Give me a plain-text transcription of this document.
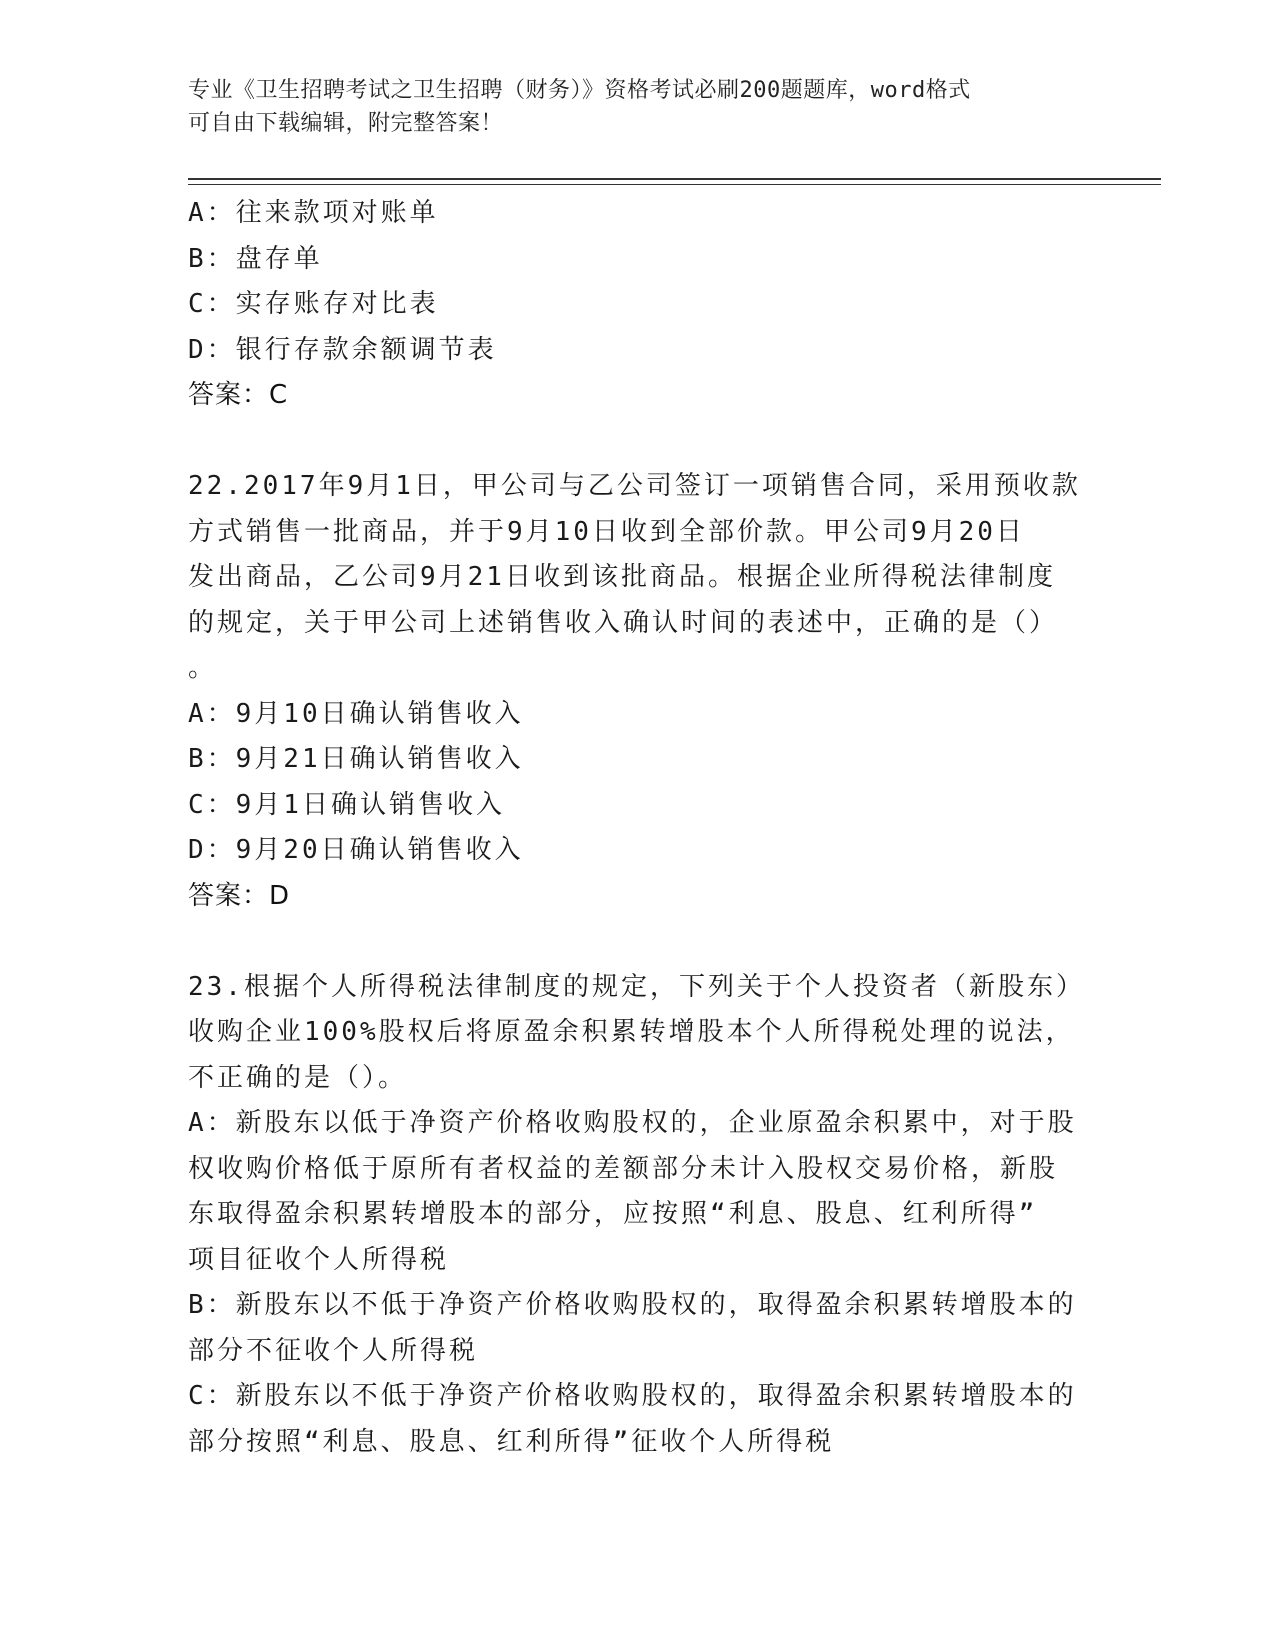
专业《卫生招聘考试之卫生招聘（财务）》资格考试必刷200题题库，word格式
可自由下载编辑，附完整答案！
A：往来款项对账单
B：盘存单
C：实存账存对比表
D：银行存款余额调节表
答案：C
22.2017年9月1日，甲公司与乙公司签订一项销售合同，采用预收款
方式销售一批商品，并于9月10日收到全部价款。甲公司9月20日
发出商品，乙公司9月21日收到该批商品。根据企业所得税法律制度
的规定，关于甲公司上述销售收入确认时间的表述中，正确的是（）
。
A：9月10日确认销售收入
B：9月21日确认销售收入
C：9月1日确认销售收入
D：9月20日确认销售收入
答案：D
23.根据个人所得税法律制度的规定，下列关于个人投资者（新股东）
收购企业100%股权后将原盈余积累转增股本个人所得税处理的说法，
不正确的是（）。
A：新股东以低于净资产价格收购股权的，企业原盈余积累中，对于股
权收购价格低于原所有者权益的差额部分未计入股权交易价格，新股
东取得盈余积累转增股本的部分，应按照“利息、股息、红利所得”
项目征收个人所得税
B：新股东以不低于净资产价格收购股权的，取得盈余积累转增股本的
部分不征收个人所得税
C：新股东以不低于净资产价格收购股权的，取得盈余积累转增股本的
部分按照“利息、股息、红利所得”征收个人所得税
